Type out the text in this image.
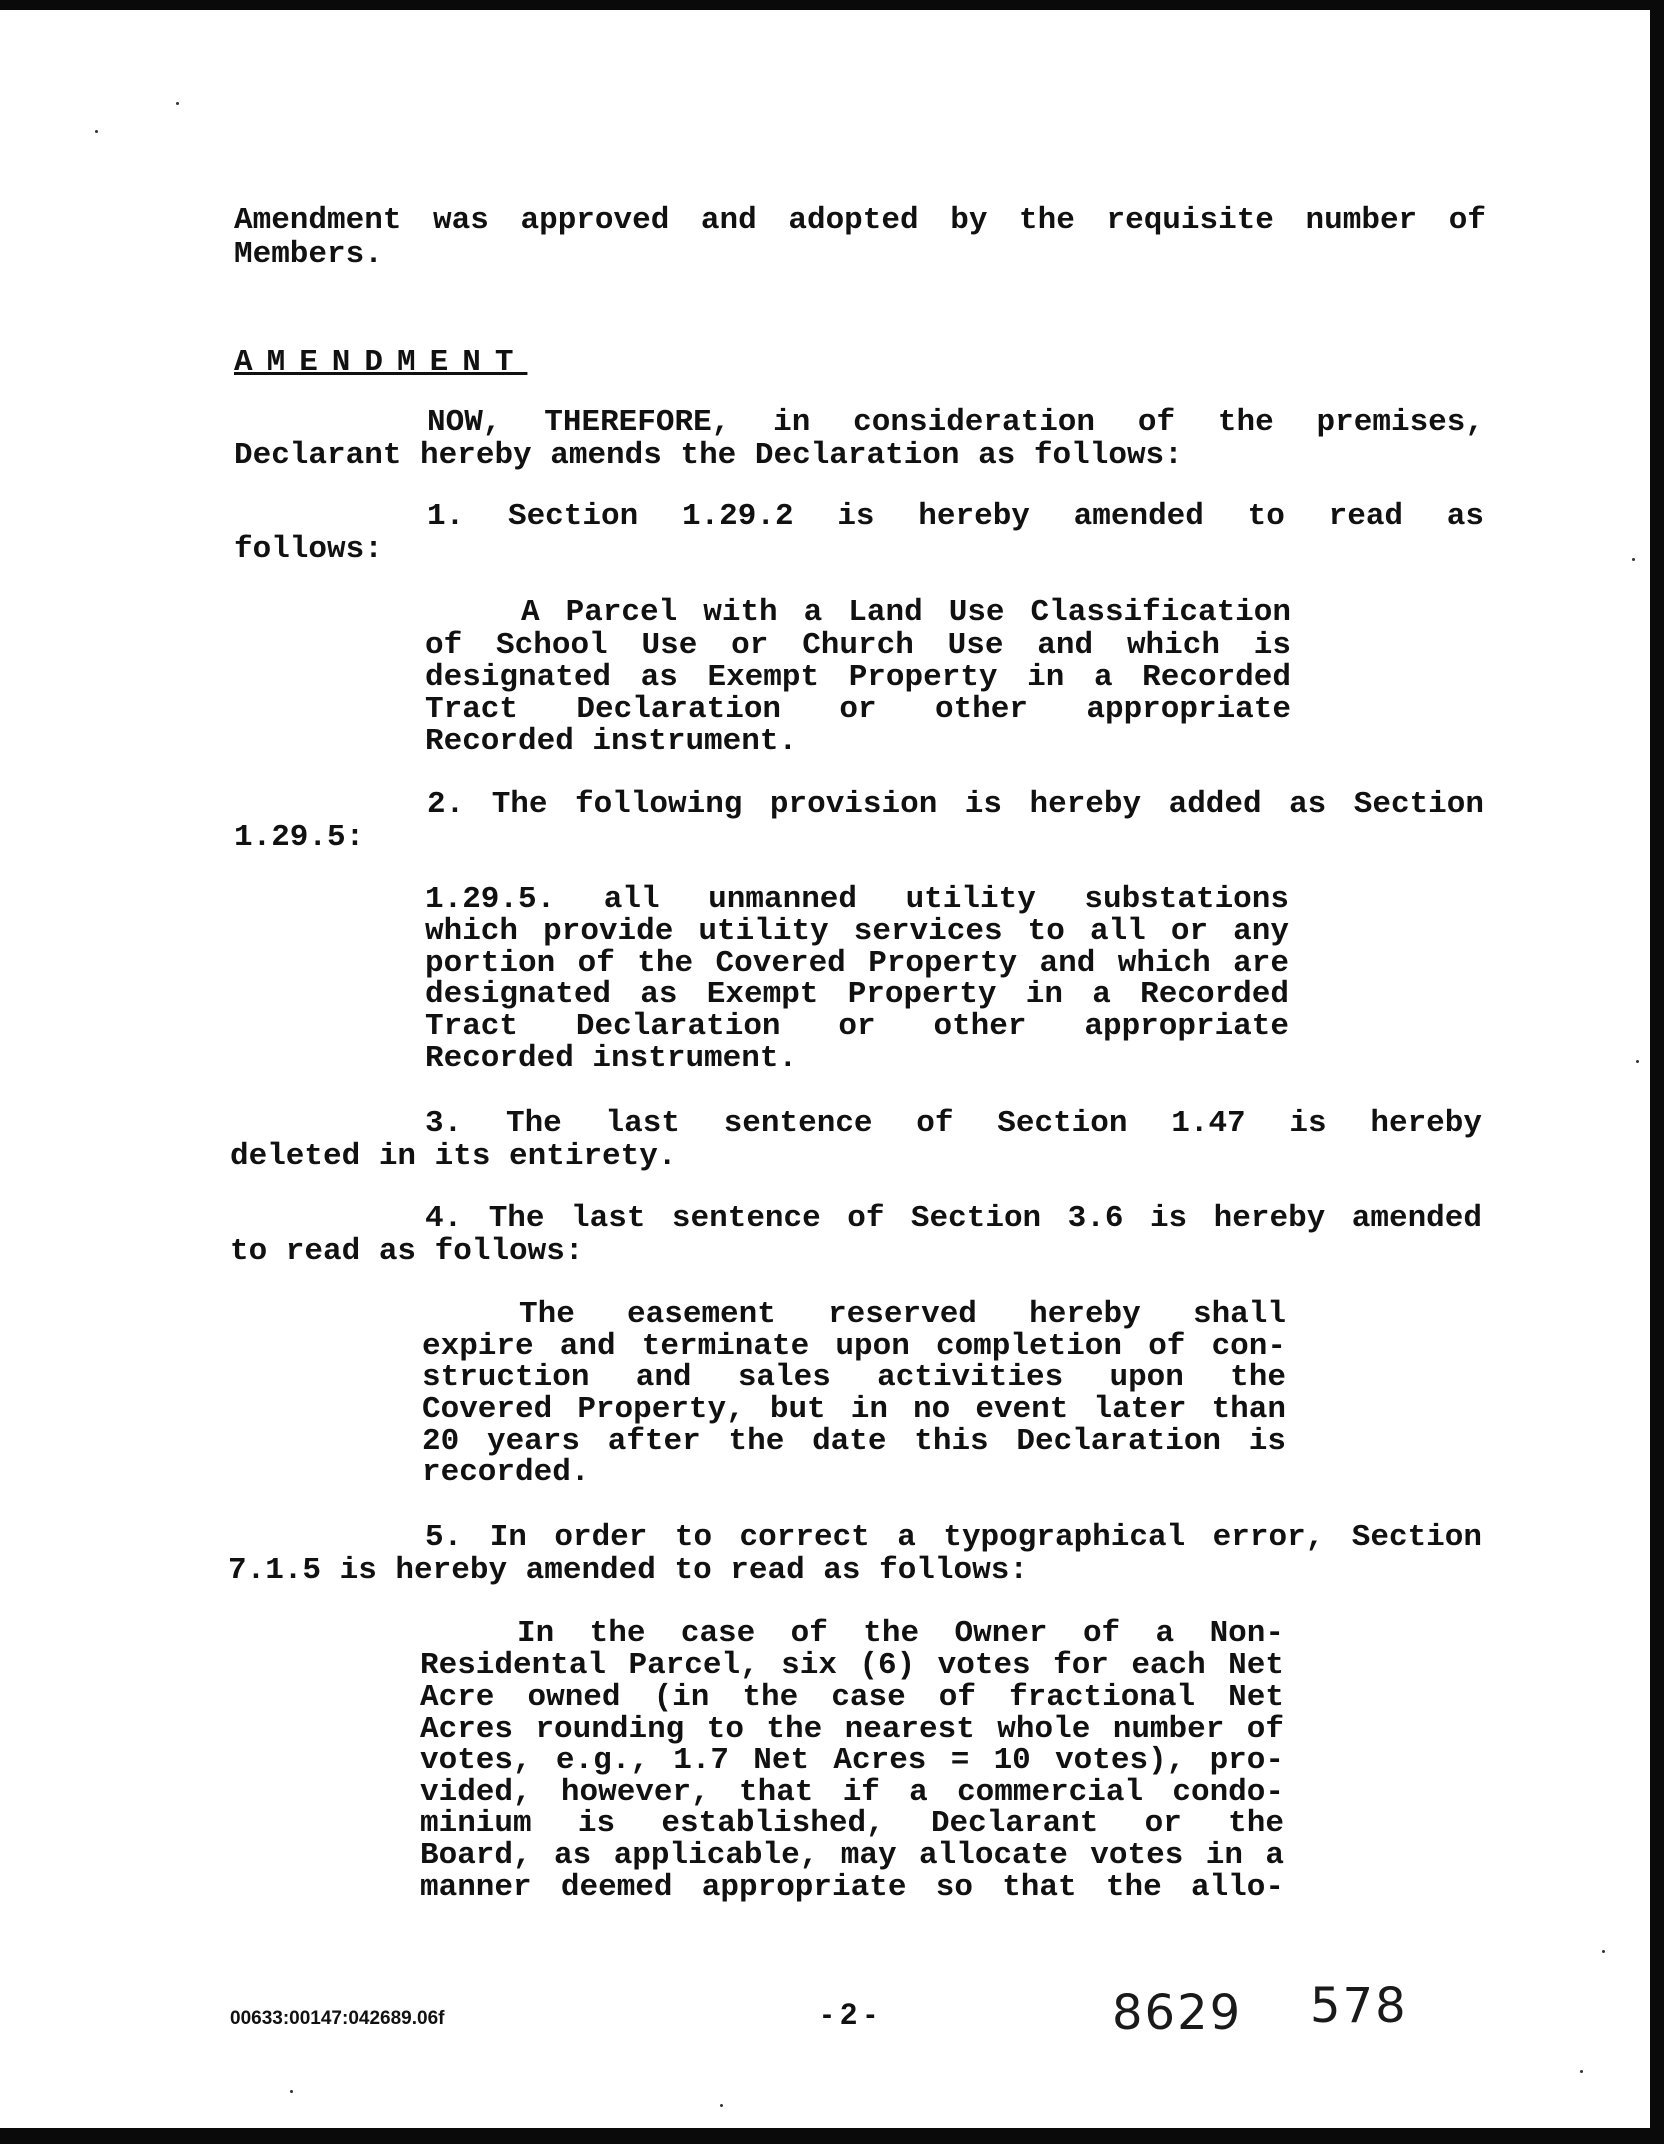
Amendment was approved and adopted by the requisite number of
Members.
AMENDMENT
NOW, THEREFORE, in consideration of the premises,
Declarant hereby amends the Declaration as follows:
1. Section 1.29.2 is hereby amended to read as
follows:
A Parcel with a Land Use Classification
of School Use or Church Use and which is
designated as Exempt Property in a Recorded
Tract Declaration or other appropriate
Recorded instrument.
2. The following provision is hereby added as Section
1.29.5:
1.29.5. all unmanned utility substations
which provide utility services to all or any
portion of the Covered Property and which are
designated as Exempt Property in a Recorded
Tract Declaration or other appropriate
Recorded instrument.
3. The last sentence of Section 1.47 is hereby
deleted in its entirety.
4. The last sentence of Section 3.6 is hereby amended
to read as follows:
The easement reserved hereby shall
expire and terminate upon completion of con-
struction and sales activities upon the
Covered Property, but in no event later than
20 years after the date this Declaration is
recorded.
5. In order to correct a typographical error, Section
7.1.5 is hereby amended to read as follows:
In the case of the Owner of a Non-
Residental Parcel, six (6) votes for each Net
Acre owned (in the case of fractional Net
Acres rounding to the nearest whole number of
votes, e.g., 1.7 Net Acres = 10 votes), pro-
vided, however, that if a commercial condo-
minium is established, Declarant or the
Board, as applicable, may allocate votes in a
manner deemed appropriate so that the allo-
00633:00147:042689.06f	- 2 -	8629 578
